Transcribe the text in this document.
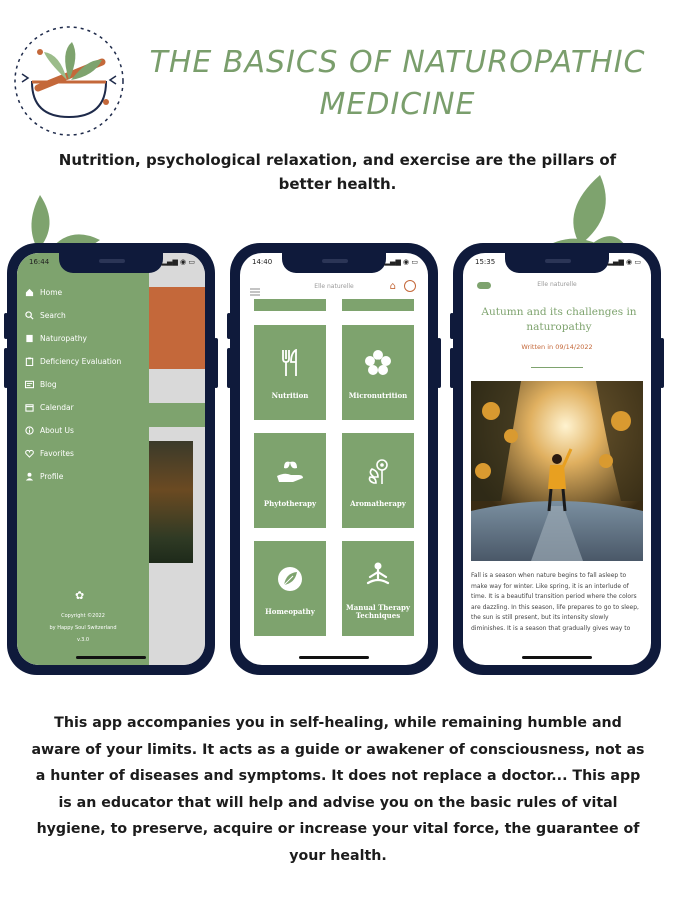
THE BASICS OF NATUROPATHIC
MEDICINE
Nutrition, psychological relaxation, and exercise are the pillars of better health.
16:44	▂▄▆ ◉ ▭
Home
Search
Naturopathy
Deficiency Evaluation
Blog
Calendar
About Us
Favorites
Profile
✿
Copyright ©2022
by Happy Soul Switzerland
v.3.0
14:40	▂▄▆ ◉ ▭
Elle naturelle	⌂
Nutrition	Micronutrition
Phytotherapy	Aromatherapy
Homeopathy	Manual Therapy Techniques
15:35	▂▄▆ ◉ ▭
Elle naturelle
Autumn and its challenges in naturopathy
Written in 09/14/2022
Fall is a season when nature begins to fall asleep to make way for winter. Like spring, it is an interlude of time. It is a beautiful transition period where the colors are dazzling. In this season, life prepares to go to sleep, the sun is still present, but its intensity slowly diminishes. It is a season that gradually gives way to
This app accompanies you in self-healing, while remaining humble and aware of your limits. It acts as a guide or awakener of consciousness, not as a hunter of diseases and symptoms. It does not replace a doctor... This app is an educator that will help and advise you on the basic rules of vital hygiene, to preserve, acquire or increase your vital force, the guarantee of your health.
